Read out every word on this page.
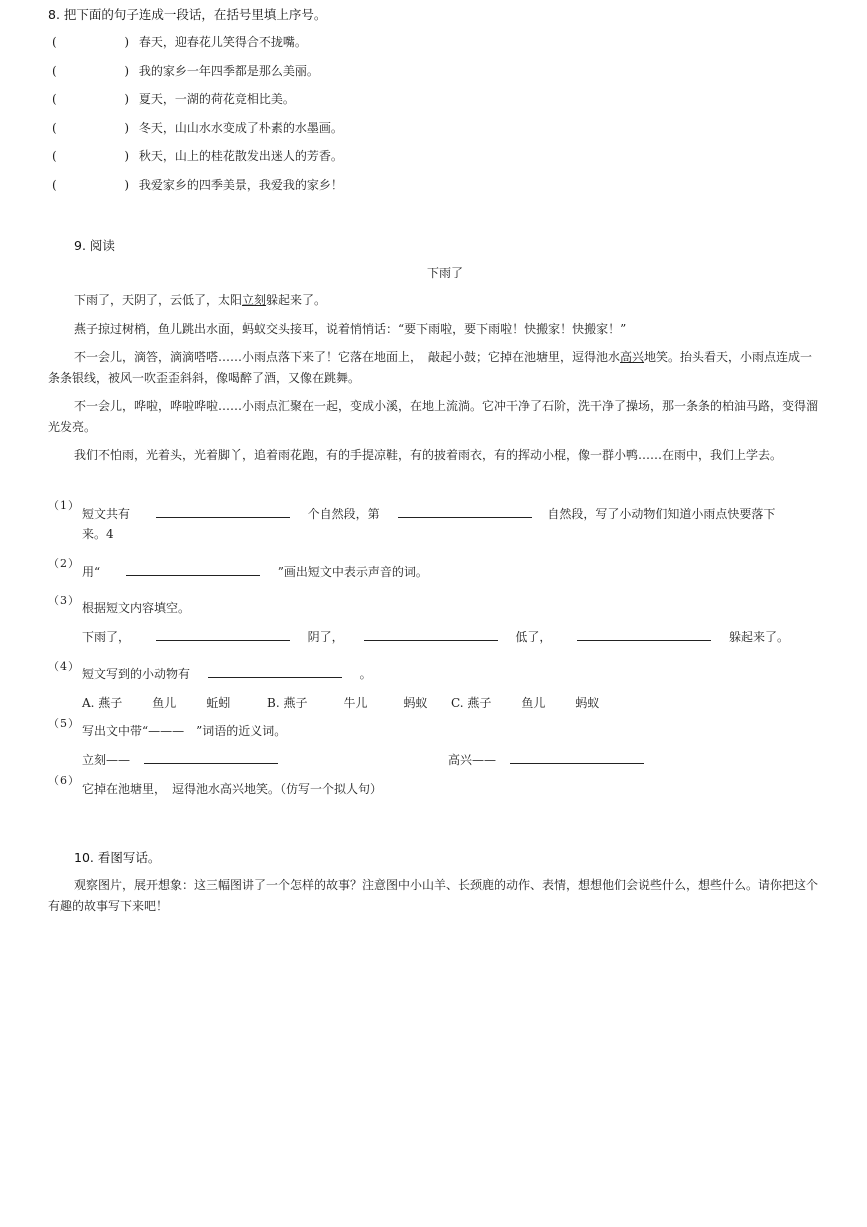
8. 把下面的句子连成一段话，在括号里填上序号。
(	) 春天，迎春花儿笑得合不拢嘴。
(	) 我的家乡一年四季都是那么美丽。
(	) 夏天，一湖的荷花竞相比美。
(	) 冬天，山山水水变成了朴素的水墨画。
(	) 秋天，山上的桂花散发出迷人的芳香。
(	) 我爱家乡的四季美景，我爱我的家乡！
9. 阅读
下雨了
下雨了，天阴了，云低了，太阳立刻躲起来了。
燕子掠过树梢，鱼儿跳出水面，蚂蚁交头接耳，说着悄悄话：“要下雨啦，要下雨啦！快搬家！快搬家！”
不一会儿，滴答，滴滴嗒嗒……小雨点落下来了！它落在地面上，　敲起小鼓；它掉在池塘里，逗得池水高兴地笑。抬头看天，小雨点连成一条条银线，被风一吹歪歪斜斜，像喝醉了酒，又像在跳舞。
不一会儿，哗啦，哗啦哗啦……小雨点汇聚在一起，变成小溪，在地上流淌。它冲干净了石阶，洗干净了操场，那一条条的柏油马路，变得溜光发亮。
我们不怕雨，光着头，光着脚丫，追着雨花跑，有的手提凉鞋，有的披着雨衣，有的挥动小棍，像一群小鸭……在雨中，我们上学去。
（1）
短文共有	个自然段，第	自然段，写了小动物们知道小雨点快要落下
来。4
（2）
用“	”画出短文中表示声音的词。
（3）
根据短文内容填空。
下雨了，	阴了，	低了，	躲起来了。
（4）
短文写到的小动物有	。
A. 燕子	鱼儿	蚯蚓	B. 燕子	牛儿	蚂蚁 C. 燕子	鱼儿	蚂蚁
（5）
写出文中带“———　”词语的近义词。
立刻——	高兴——
（6）
它掉在池塘里，　逗得池水高兴地笑。（仿写一个拟人句）
10. 看图写话。
观察图片，展开想象：这三幅图讲了一个怎样的故事？注意图中小山羊、长颈鹿的动作、表情，想想他们会说些什么，想些什么。请你把这个有趣的故事写下来吧！
